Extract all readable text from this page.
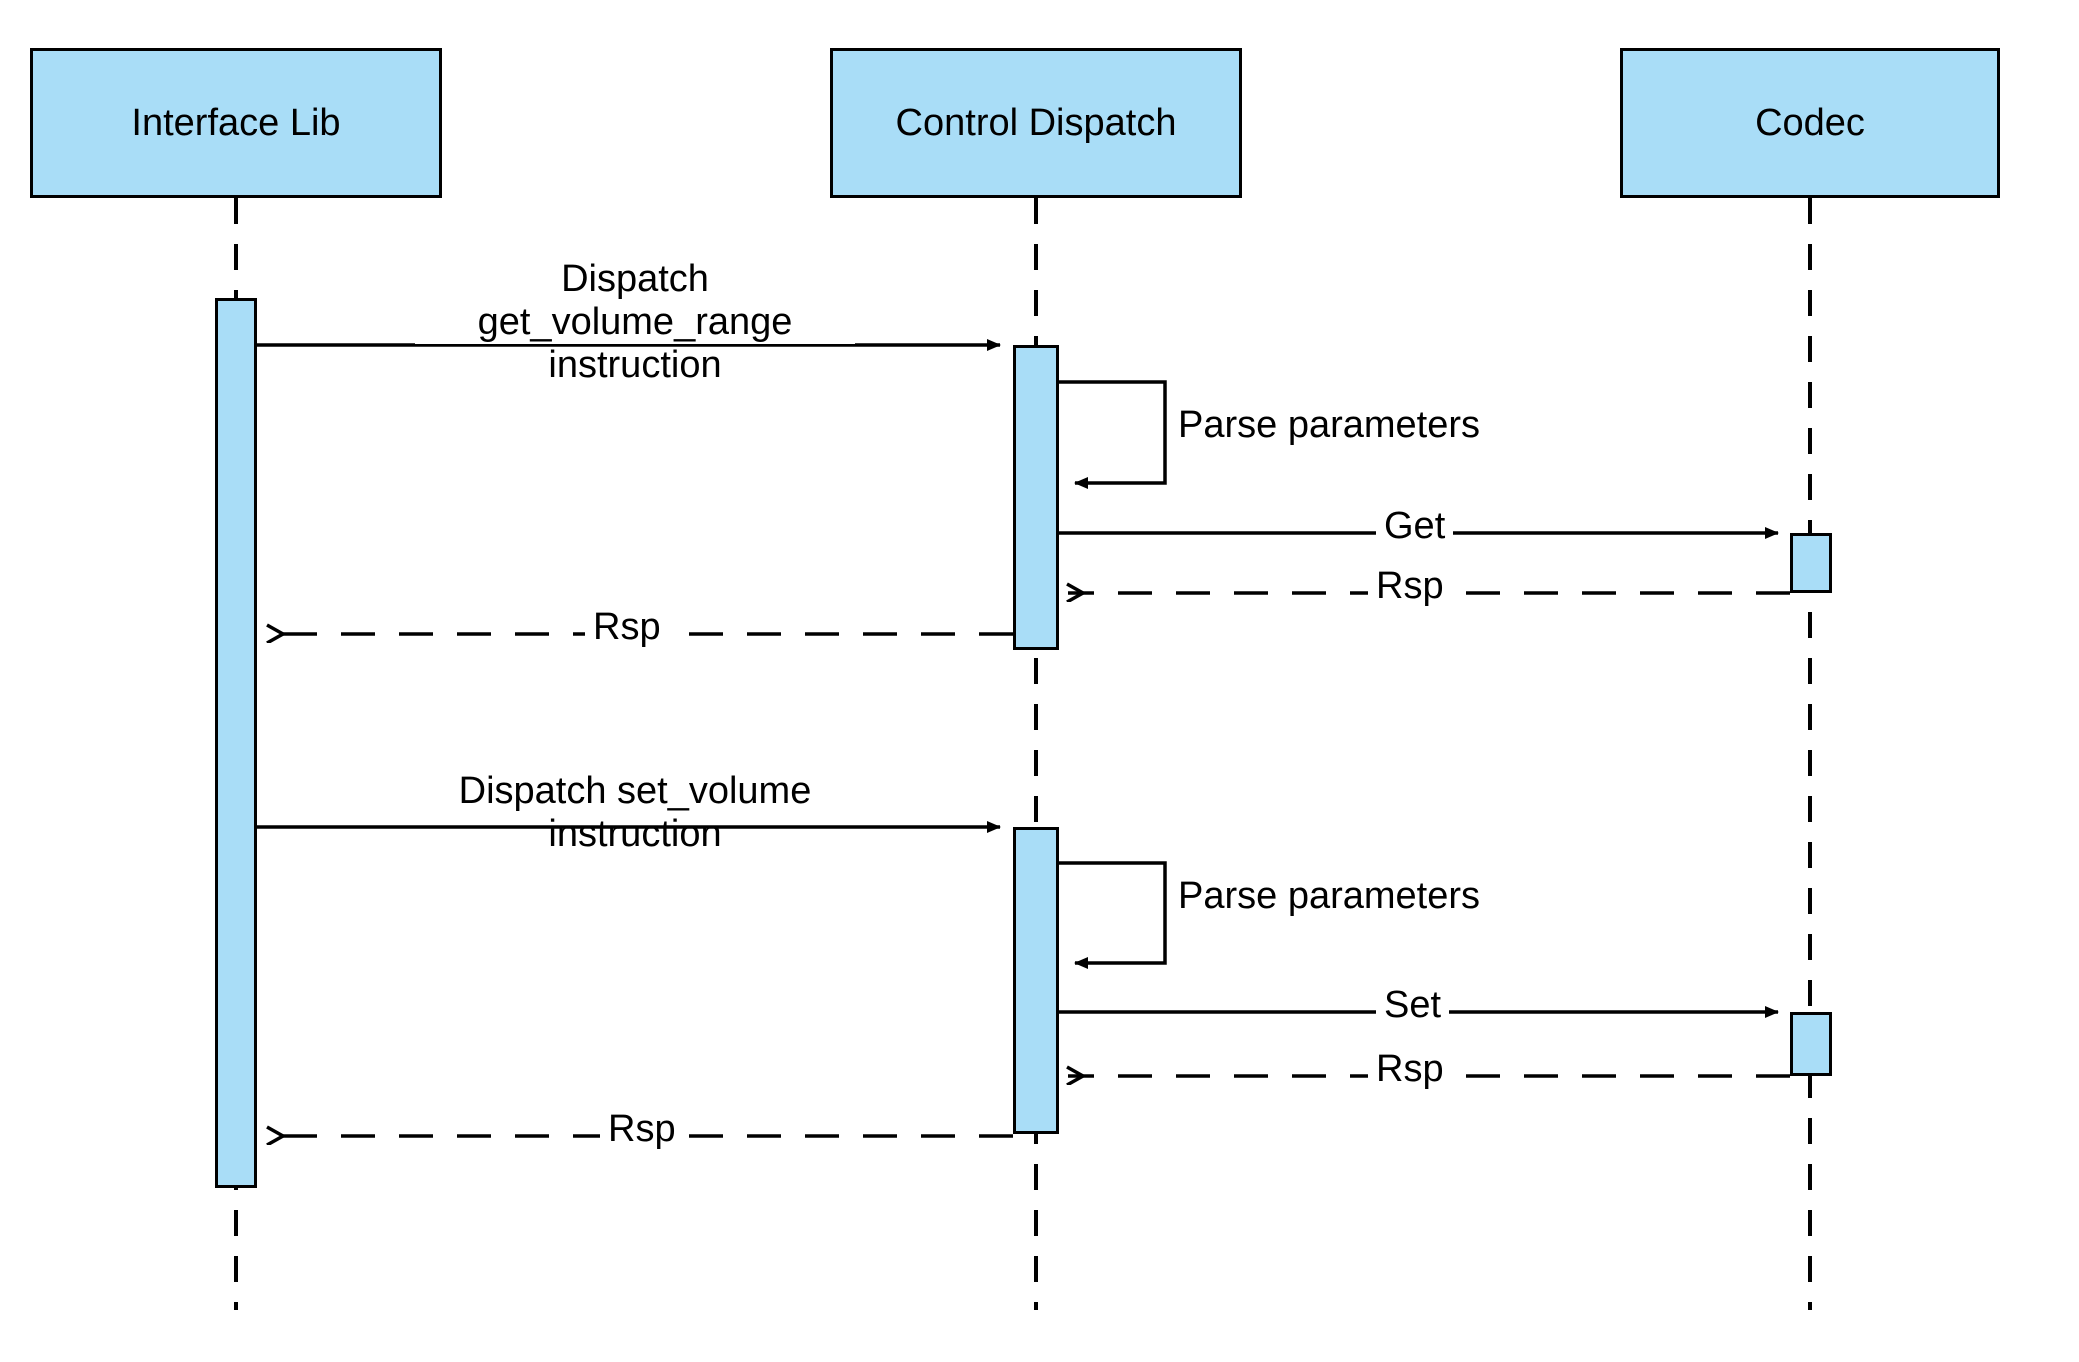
Interface Lib	Control Dispatch	Codec
Dispatch
get_volume_range
instruction
Parse parameters
Get
Rsp
Rsp
Dispatch set_volume
instruction
Parse parameters
Set
Rsp
Rsp
